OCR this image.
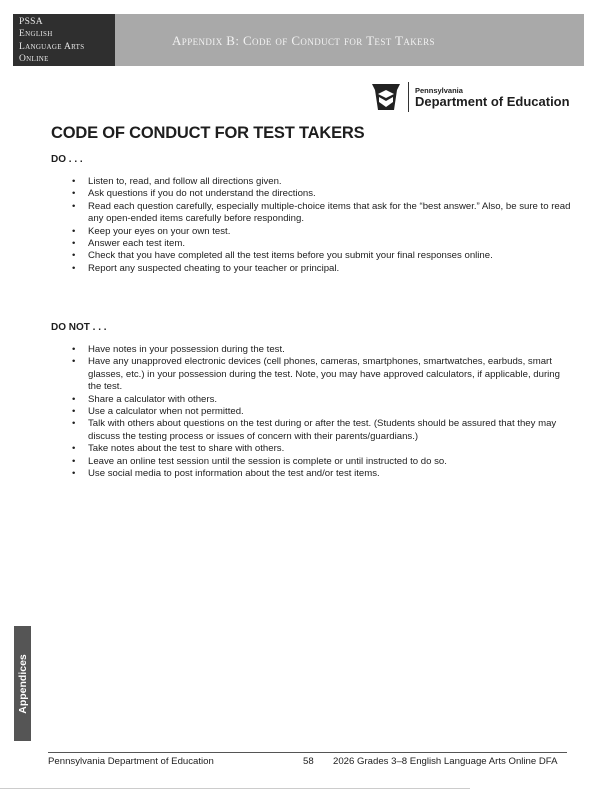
PSSA
English
Language Arts
Online
Appendix B: Code of Conduct for Test Takers
Pennsylvania
Department of Education
CODE OF CONDUCT FOR TEST TAKERS

DO . . .

• Listen to, read, and follow all directions given.
• Ask questions if you do not understand the directions.
• Read each question carefully, especially multiple-choice items that ask for the “best answer.” Also, be sure to read any open-ended items carefully before responding.
• Keep your eyes on your own test.
• Answer each test item.
• Check that you have completed all the test items before you submit your final responses online.
• Report any suspected cheating to your teacher or principal.

DO NOT . . .

• Have notes in your possession during the test.
• Have any unapproved electronic devices (cell phones, cameras, smartphones, smartwatches, earbuds, smart glasses, etc.) in your possession during the test. Note, you may have approved calculators, if applicable, during the test.
• Share a calculator with others.
• Use a calculator when not permitted.
• Talk with others about questions on the test during or after the test. (Students should be assured that they may discuss the testing process or issues of concern with their parents/guardians.)
• Take notes about the test to share with others.
• Leave an online test session until the session is complete or until instructed to do so.
• Use social media to post information about the test and/or test items.
Appendices
Pennsylvania Department of Education	58 2026 Grades 3–8 English Language Arts Online DFA
